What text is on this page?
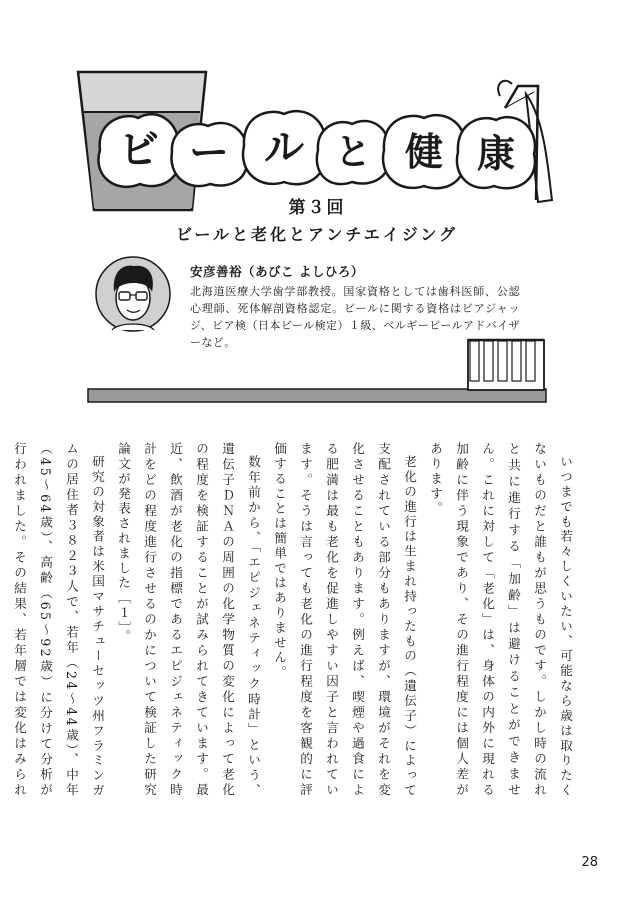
ビ ー ル と 健 康
第３回
ビールと老化とアンチエイジング
安彦善裕（あびこ よしひろ）
北海道医療大学歯学部教授。国家資格としては歯科医師、公認心理師、死体解剖資格認定。ビールに関する資格はビアジャッジ、ビア検（日本ビール検定）１級、ベルギービールアドバイザーなど。

いつまでも若々しくいたい、可能なら歳は取りたくないものだと誰もが思うものです。しかし時の流れと共に進行する「加齢」は避けることができません。これに対して「老化」は、身体の内外に現れる加齢に伴う現象であり、その進行程度には個人差があります。

老化の進行は生まれ持ったもの（遺伝子）によって支配されている部分もありますが、環境がそれを変化させることもあります。例えば、喫煙や過食による肥満は最も老化を促進しやすい因子と言われています。そうは言っても老化の進行程度を客観的に評価することは簡単ではありません。

数年前から、「エピジェネティック時計」という、遺伝子ＤＮＡの周囲の化学物質の変化によって老化の程度を検証することが試みられてきています。最近、飲酒が老化の指標であるエピジェネティック時計をどの程度進行させるのかについて検証した研究論文が発表されました［１］。

研究の対象者は米国マサチューセッツ州フラミンガムの居住者３８２３人で、若年（24～44歳）、中年（45～64歳）、高齢（65～92歳）に分けて分析が行われました。その結果、若年層では変化はみられ

28
